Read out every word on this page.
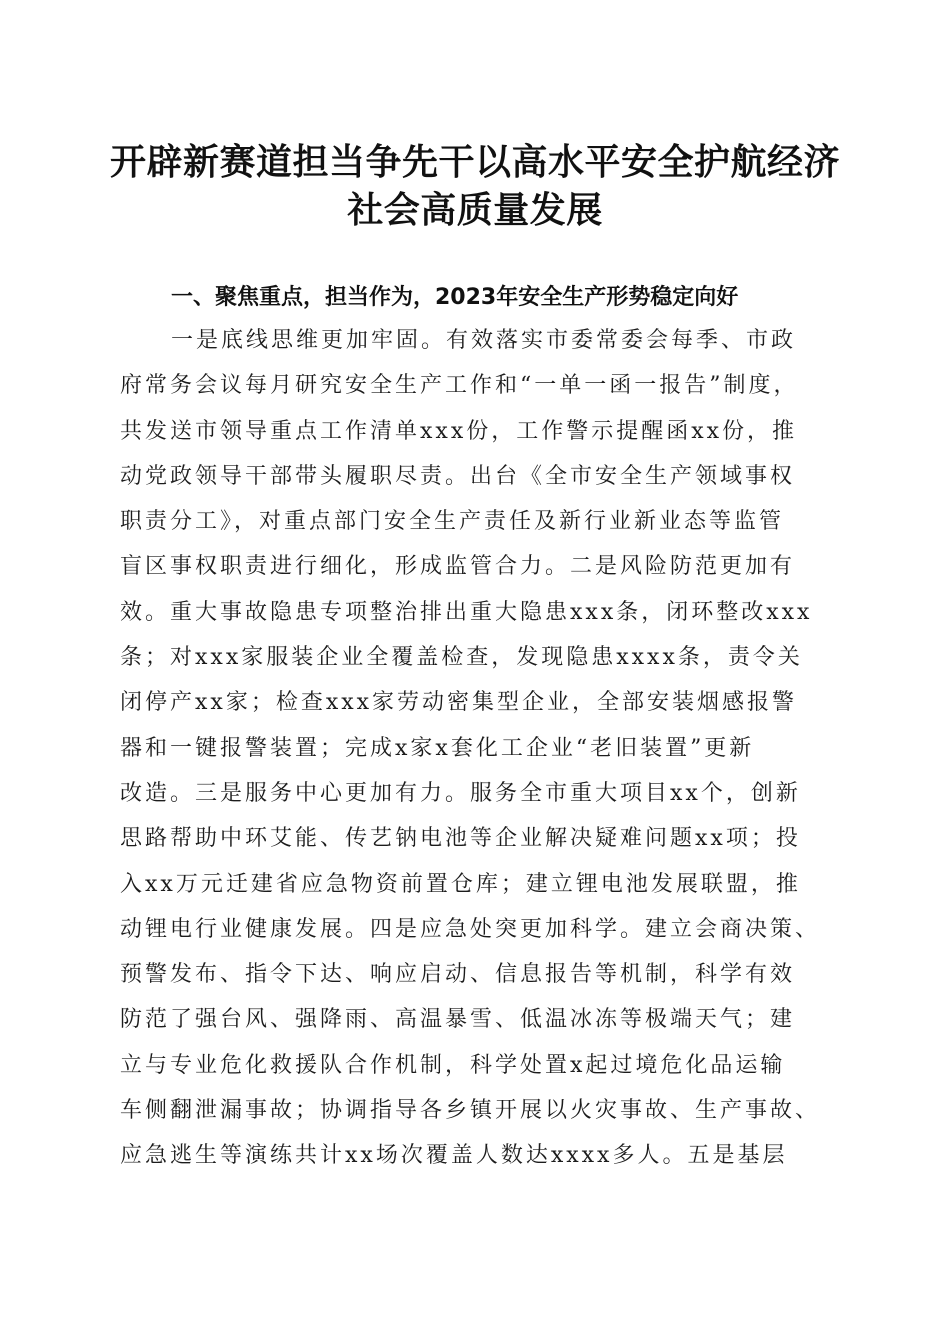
开辟新赛道担当争先干以高水平安全护航经济
社会高质量发展
一、聚焦重点，担当作为，2023年安全生产形势稳定向好
一是底线思维更加牢固。有效落实市委常委会每季、市政
府常务会议每月研究安全生产工作和“一单一函一报告”制度，
共发送市领导重点工作清单xxx份，工作警示提醒函xx份，推
动党政领导干部带头履职尽责。出台《全市安全生产领域事权
职责分工》，对重点部门安全生产责任及新行业新业态等监管
盲区事权职责进行细化，形成监管合力。二是风险防范更加有
效。重大事故隐患专项整治排出重大隐患xxx条，闭环整改xxx
条；对xxx家服装企业全覆盖检查，发现隐患xxxx条，责令关
闭停产xx家；检查xxx家劳动密集型企业，全部安装烟感报警
器和一键报警装置；完成x家x套化工企业“老旧装置”更新
改造。三是服务中心更加有力。服务全市重大项目xx个，创新
思路帮助中环艾能、传艺钠电池等企业解决疑难问题xx项；投
入xx万元迁建省应急物资前置仓库；建立锂电池发展联盟，推
动锂电行业健康发展。四是应急处突更加科学。建立会商决策、
预警发布、指令下达、响应启动、信息报告等机制，科学有效
防范了强台风、强降雨、高温暴雪、低温冰冻等极端天气；建
立与专业危化救援队合作机制，科学处置x起过境危化品运输
车侧翻泄漏事故；协调指导各乡镇开展以火灾事故、生产事故、
应急逃生等演练共计xx场次覆盖人数达xxxx多人。五是基层
